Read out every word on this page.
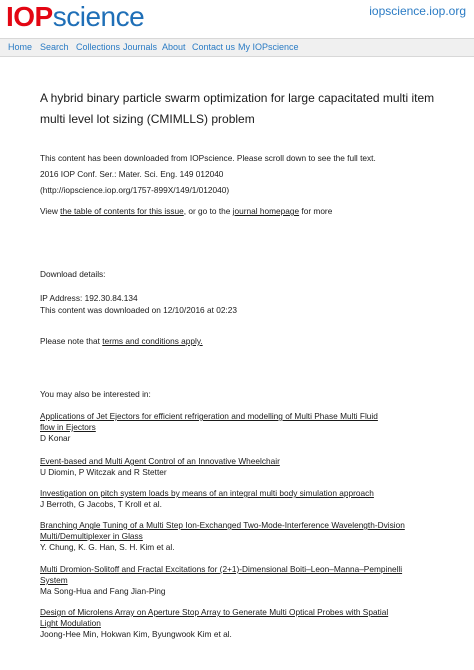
IOPscience	iopscience.iop.org
Home Search Collections Journals About Contact us My IOPscience
A hybrid binary particle swarm optimization for large capacitated multi item multi level lot sizing (CMIMLLS) problem
This content has been downloaded from IOPscience. Please scroll down to see the full text.
2016 IOP Conf. Ser.: Mater. Sci. Eng. 149 012040
(http://iopscience.iop.org/1757-899X/149/1/012040)
View the table of contents for this issue, or go to the journal homepage for more
Download details:
IP Address: 192.30.84.134
This content was downloaded on 12/10/2016 at 02:23
Please note that terms and conditions apply.
You may also be interested in:
Applications of Jet Ejectors for efficient refrigeration and modelling of Multi Phase Multi Fluid
flow in Ejectors
D Konar
Event-based and Multi Agent Control of an Innovative Wheelchair
U Diomin, P Witczak and R Stetter
Investigation on pitch system loads by means of an integral multi body simulation approach
J Berroth, G Jacobs, T Kroll et al.
Branching Angle Tuning of a Multi Step Ion-Exchanged Two-Mode-Interference Wavelength-Dvision
Multi/Demultiplexer in Glass
Y. Chung, K. G. Han, S. H. Kim et al.
Multi Dromion-Solitoff and Fractal Excitations for (2+1)-Dimensional Boiti–Leon–Manna–Pempinelli
System
Ma Song-Hua and Fang Jian-Ping
Design of Microlens Array on Aperture Stop Array to Generate Multi Optical Probes with Spatial
Light Modulation
Joong-Hee Min, Hokwan Kim, Byungwook Kim et al.
